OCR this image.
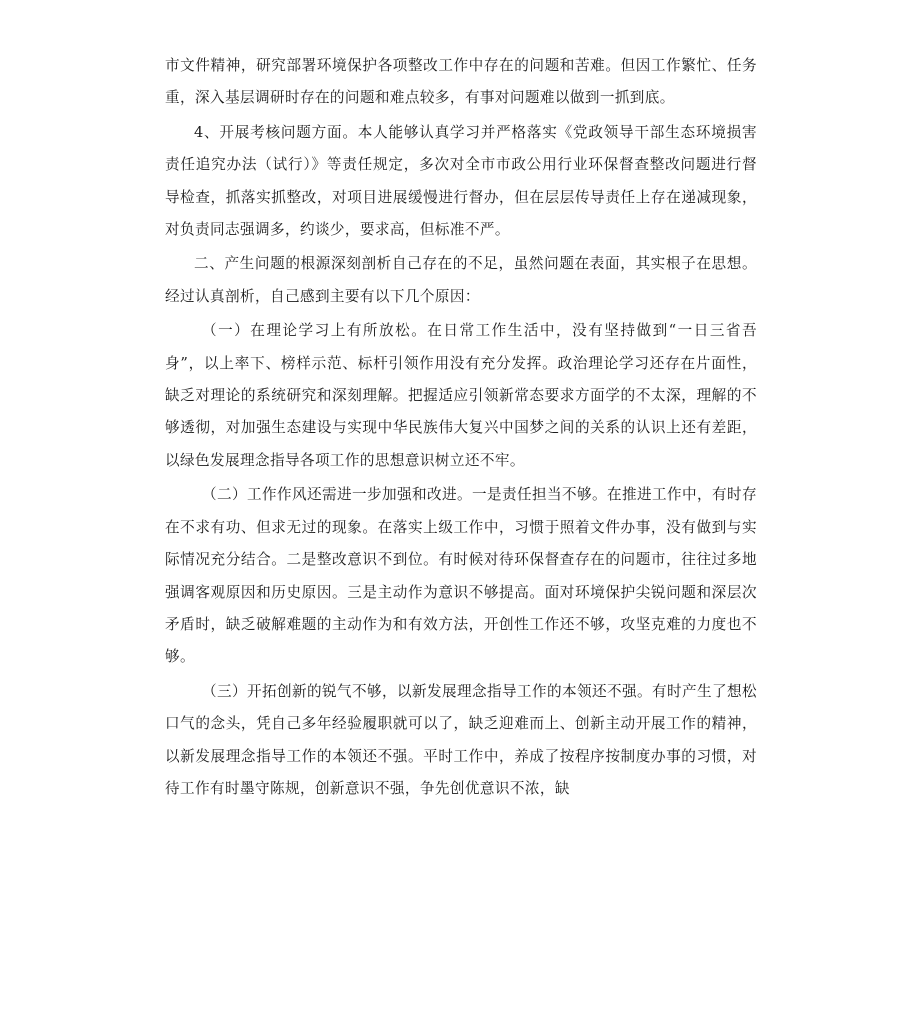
市文件精神，研究部署环境保护各项整改工作中存在的问题和苦难。但因工作繁忙、任务重，深入基层调研时存在的问题和难点较多，有事对问题难以做到一抓到底。

4、开展考核问题方面。本人能够认真学习并严格落实《党政领导干部生态环境损害责任追究办法（试行）》等责任规定，多次对全市市政公用行业环保督查整改问题进行督导检查，抓落实抓整改，对项目进展缓慢进行督办，但在层层传导责任上存在递减现象，对负责同志强调多，约谈少，要求高，但标准不严。

二、产生问题的根源深刻剖析自己存在的不足，虽然问题在表面，其实根子在思想。经过认真剖析，自己感到主要有以下几个原因：

（一）在理论学习上有所放松。在日常工作生活中，没有坚持做到“一日三省吾身”，以上率下、榜样示范、标杆引领作用没有充分发挥。政治理论学习还存在片面性，缺乏对理论的系统研究和深刻理解。把握适应引领新常态要求方面学的不太深，理解的不够透彻，对加强生态建设与实现中华民族伟大复兴中国梦之间的关系的认识上还有差距，以绿色发展理念指导各项工作的思想意识树立还不牢。

（二）工作作风还需进一步加强和改进。一是责任担当不够。在推进工作中，有时存在不求有功、但求无过的现象。在落实上级工作中，习惯于照着文件办事，没有做到与实际情况充分结合。二是整改意识不到位。有时候对待环保督查存在的问题市，往往过多地强调客观原因和历史原因。三是主动作为意识不够提高。面对环境保护尖锐问题和深层次矛盾时，缺乏破解难题的主动作为和有效方法，开创性工作还不够，攻坚克难的力度也不够。

（三）开拓创新的锐气不够，以新发展理念指导工作的本领还不强。有时产生了想松口气的念头，凭自己多年经验履职就可以了，缺乏迎难而上、创新主动开展工作的精神，以新发展理念指导工作的本领还不强。平时工作中，养成了按程序按制度办事的习惯，对待工作有时墨守陈规，创新意识不强，争先创优意识不浓，缺
